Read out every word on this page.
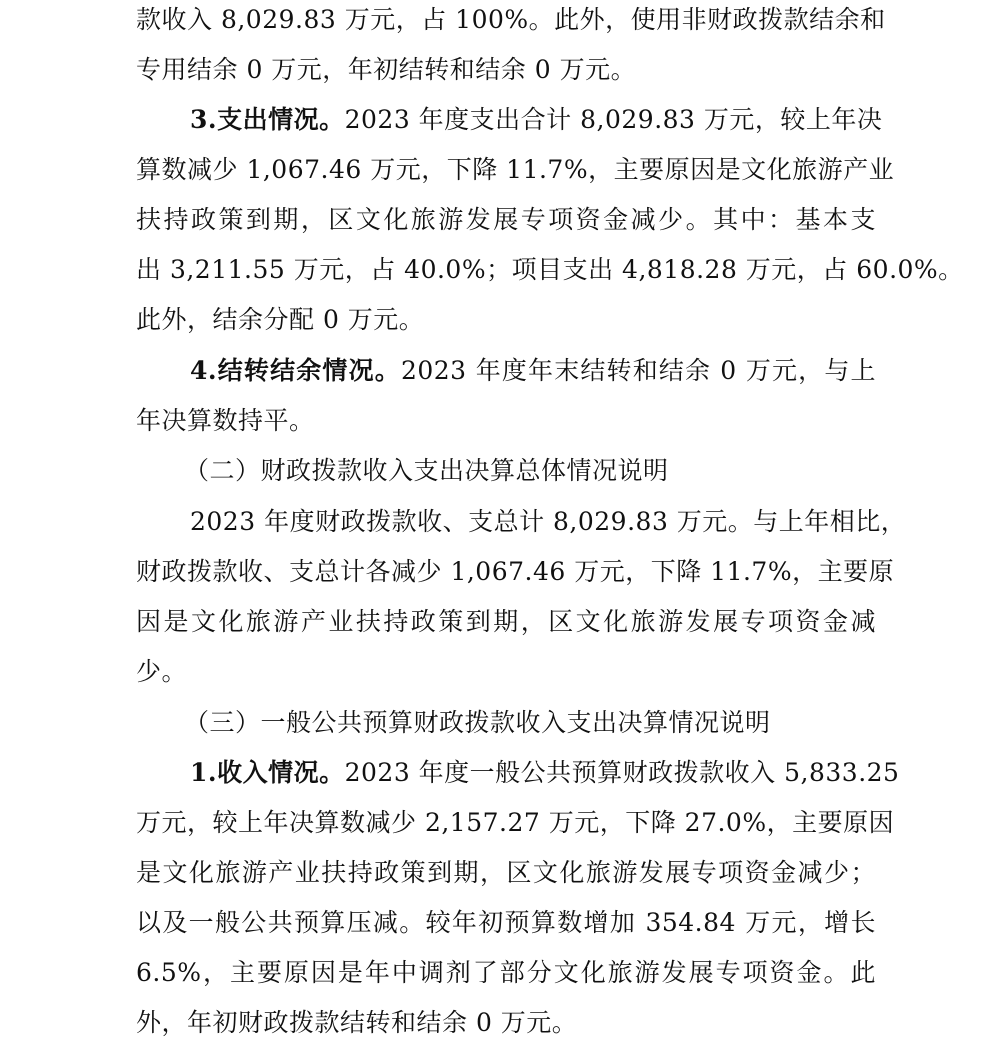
款收入 8,029.83 万元，占 100%。此外，使用非财政拨款结余和
专用结余 0 万元，年初结转和结余 0 万元。
3.支出情况。2023 年度支出合计 8,029.83 万元，较上年决
算数减少 1,067.46 万元，下降 11.7%，主要原因是文化旅游产业
扶持政策到期，区文化旅游发展专项资金减少。其中：基本支
出 3,211.55 万元，占 40.0%；项目支出 4,818.28 万元，占 60.0%。
此外，结余分配 0 万元。
4.结转结余情况。2023 年度年末结转和结余 0 万元，与上
年决算数持平。
（二）财政拨款收入支出决算总体情况说明
2023 年度财政拨款收、支总计 8,029.83 万元。与上年相比，
财政拨款收、支总计各减少 1,067.46 万元，下降 11.7%，主要原
因是文化旅游产业扶持政策到期，区文化旅游发展专项资金减
少。
（三）一般公共预算财政拨款收入支出决算情况说明
1.收入情况。2023 年度一般公共预算财政拨款收入 5,833.25
万元，较上年决算数减少 2,157.27 万元，下降 27.0%，主要原因
是文化旅游产业扶持政策到期，区文化旅游发展专项资金减少；
以及一般公共预算压减。较年初预算数增加 354.84 万元，增长
6.5%，主要原因是年中调剂了部分文化旅游发展专项资金。此
外，年初财政拨款结转和结余 0 万元。
